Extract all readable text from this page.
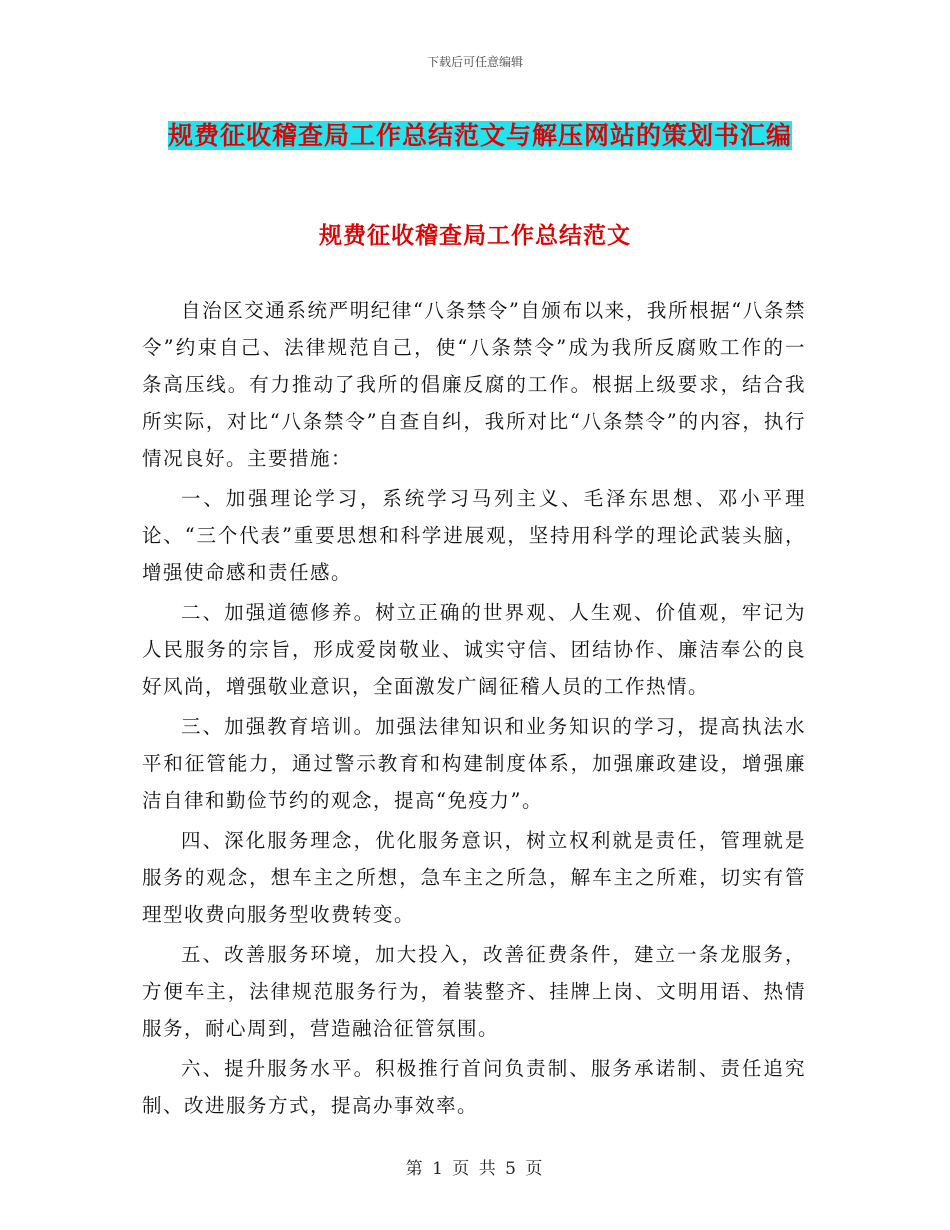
下载后可任意编辑
规费征收稽查局工作总结范文与解压网站的策划书汇编
规费征收稽查局工作总结范文

自治区交通系统严明纪律“八条禁令”自颁布以来，我所根据“八条禁令”约束自己、法律规范自己，使“八条禁令”成为我所反腐败工作的一条高压线。有力推动了我所的倡廉反腐的工作。根据上级要求，结合我所实际，对比“八条禁令”自查自纠，我所对比“八条禁令”的内容，执行情况良好。主要措施：

一、加强理论学习，系统学习马列主义、毛泽东思想、邓小平理论、“三个代表”重要思想和科学进展观，坚持用科学的理论武装头脑，增强使命感和责任感。

二、加强道德修养。树立正确的世界观、人生观、价值观，牢记为人民服务的宗旨，形成爱岗敬业、诚实守信、团结协作、廉洁奉公的良好风尚，增强敬业意识，全面激发广阔征稽人员的工作热情。

三、加强教育培训。加强法律知识和业务知识的学习，提高执法水平和征管能力，通过警示教育和构建制度体系，加强廉政建设，增强廉洁自律和勤俭节约的观念，提高“免疫力”。

四、深化服务理念，优化服务意识，树立权利就是责任，管理就是服务的观念，想车主之所想，急车主之所急，解车主之所难，切实有管理型收费向服务型收费转变。

五、改善服务环境，加大投入，改善征费条件，建立一条龙服务，方便车主，法律规范服务行为，着装整齐、挂牌上岗、文明用语、热情服务，耐心周到，营造融洽征管氛围。

六、提升服务水平。积极推行首问负责制、服务承诺制、责任追究制、改进服务方式，提高办事效率。

第 1 页 共 5 页
